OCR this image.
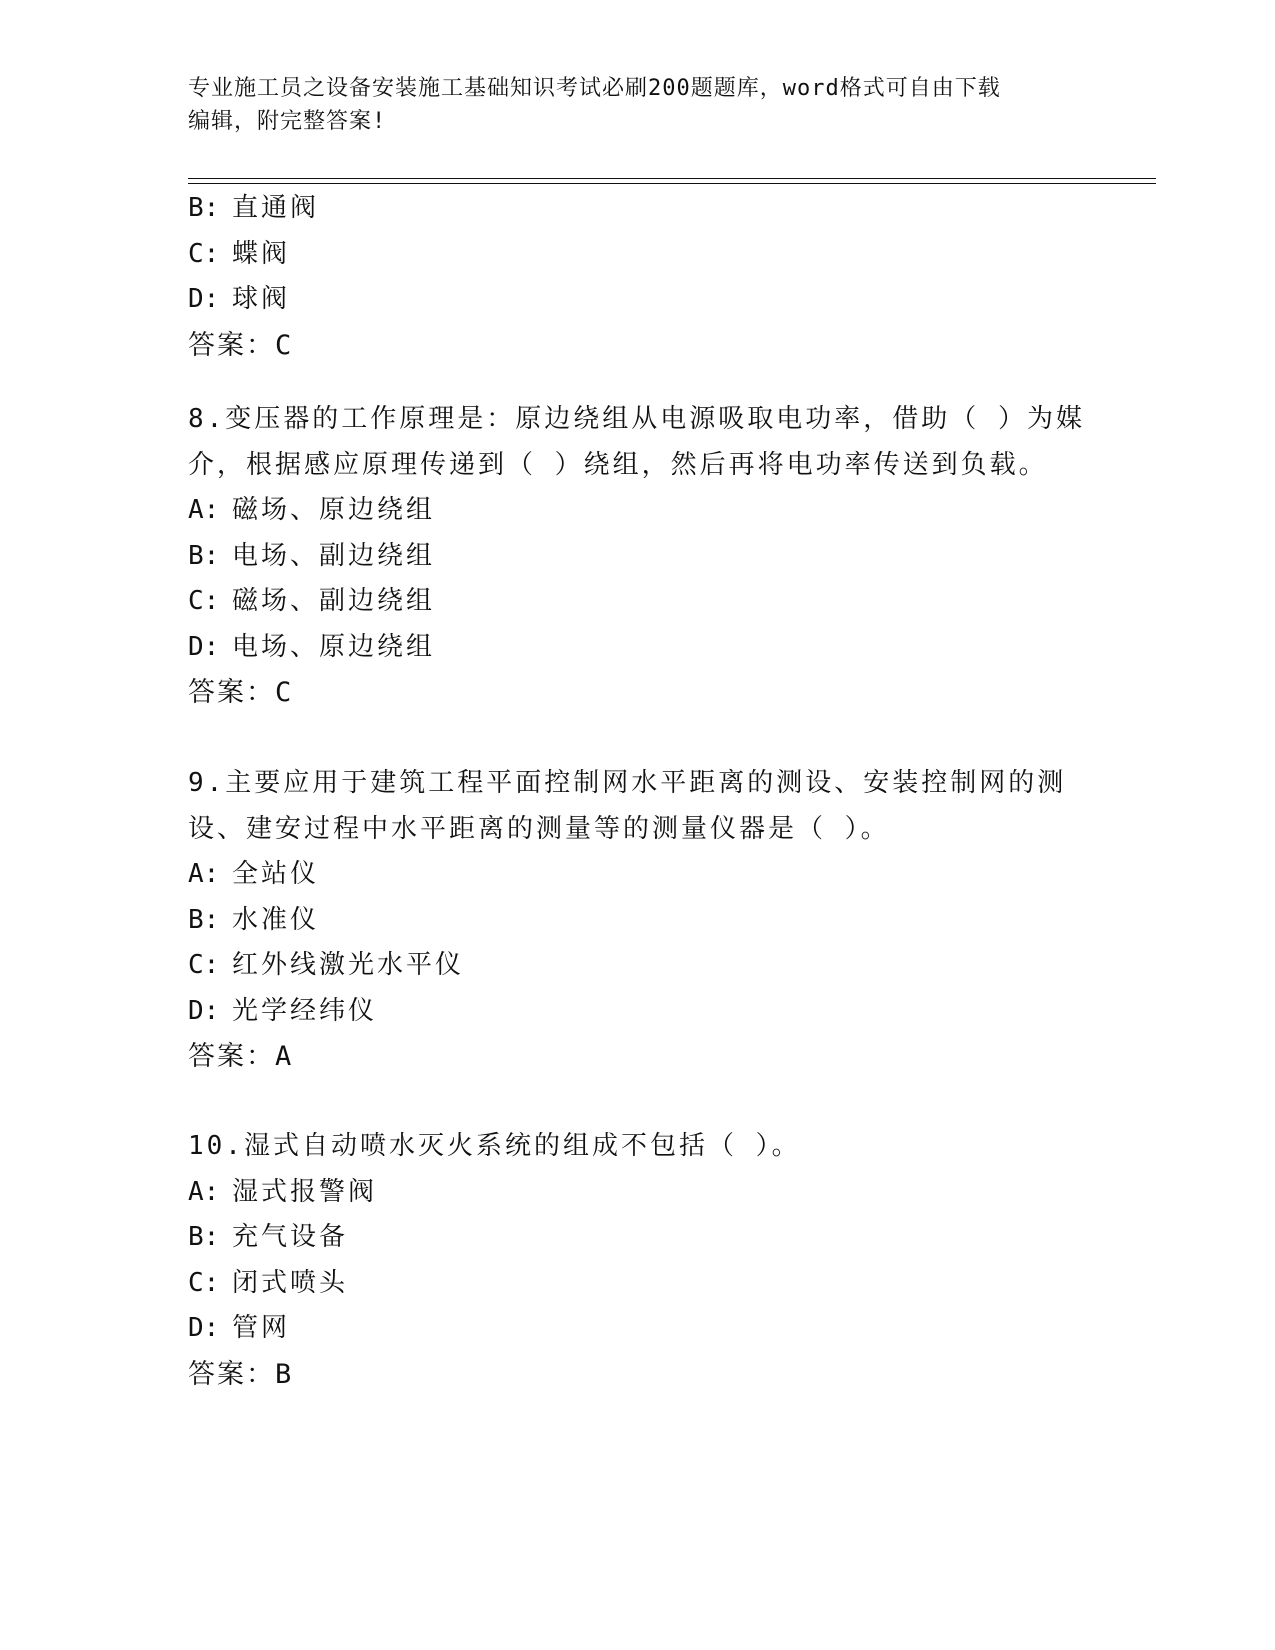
专业施工员之设备安装施工基础知识考试必刷200题题库，word格式可自由下载
编辑，附完整答案!
B: 直通阀
C: 蝶阀
D: 球阀
答案：C
8.变压器的工作原理是：原边绕组从电源吸取电功率，借助（ ）为媒
介，根据感应原理传递到（ ）绕组，然后再将电功率传送到负载。
A: 磁场、原边绕组
B: 电场、副边绕组
C: 磁场、副边绕组
D: 电场、原边绕组
答案：C
9.主要应用于建筑工程平面控制网水平距离的测设、安装控制网的测
设、建安过程中水平距离的测量等的测量仪器是（ ）。
A: 全站仪
B: 水准仪
C: 红外线激光水平仪
D: 光学经纬仪
答案：A
10.湿式自动喷水灭火系统的组成不包括（ ）。
A: 湿式报警阀
B: 充气设备
C: 闭式喷头
D: 管网
答案：B
